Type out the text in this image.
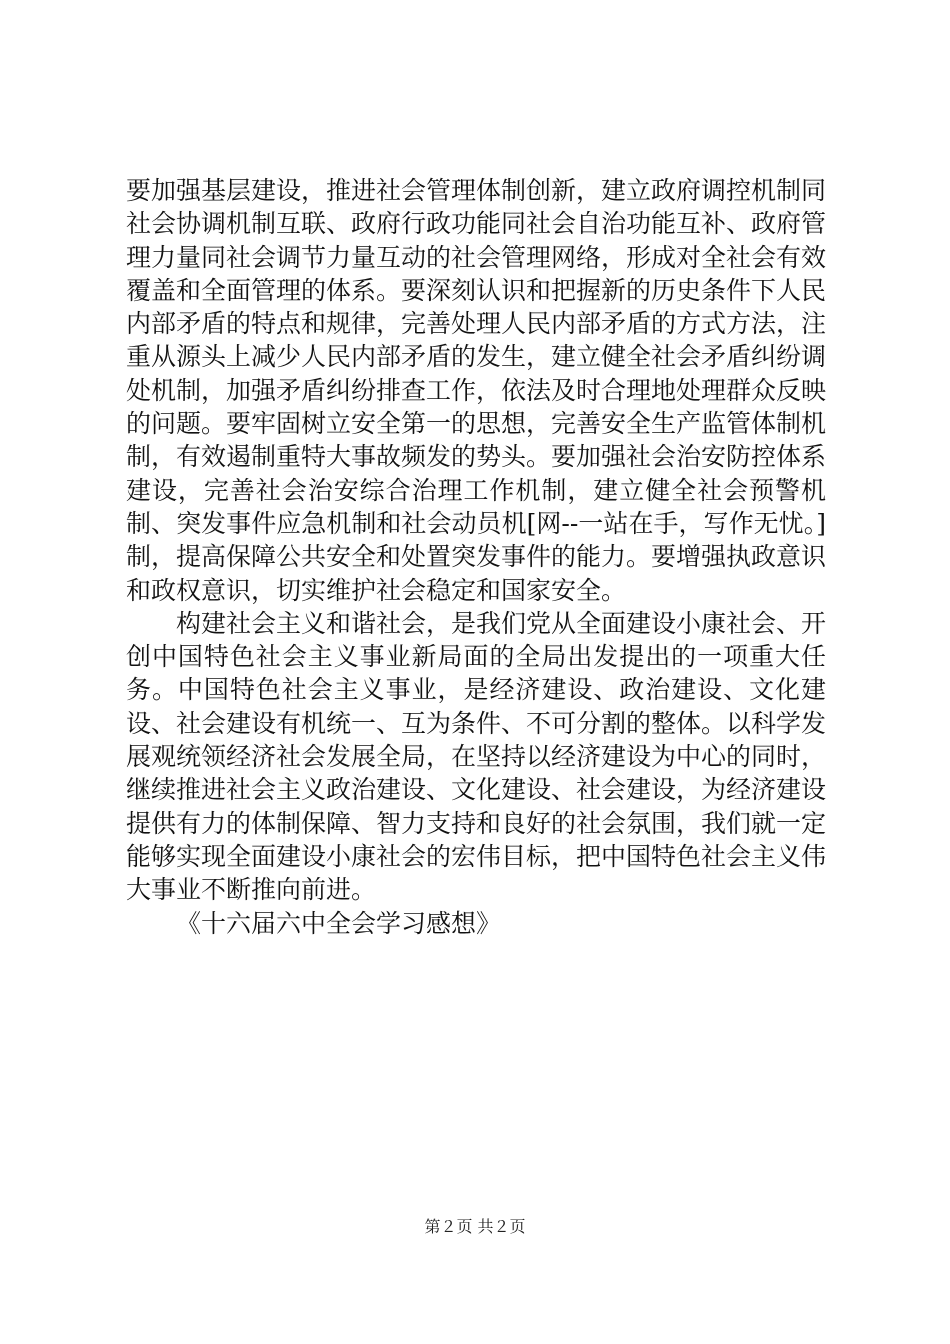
要加强基层建设，推进社会管理体制创新，建立政府调控机制同社会协调机制互联、政府行政功能同社会自治功能互补、政府管理力量同社会调节力量互动的社会管理网络，形成对全社会有效覆盖和全面管理的体系。要深刻认识和把握新的历史条件下人民内部矛盾的特点和规律，完善处理人民内部矛盾的方式方法，注重从源头上减少人民内部矛盾的发生，建立健全社会矛盾纠纷调处机制，加强矛盾纠纷排查工作，依法及时合理地处理群众反映的问题。要牢固树立安全第一的思想，完善安全生产监管体制机制，有效遏制重特大事故频发的势头。要加强社会治安防控体系建设，完善社会治安综合治理工作机制，建立健全社会预警机制、突发事件应急机制和社会动员机[网--一站在手，写作无忧。]制，提高保障公共安全和处置突发事件的能力。要增强执政意识和政权意识，切实维护社会稳定和国家安全。

构建社会主义和谐社会，是我们党从全面建设小康社会、开创中国特色社会主义事业新局面的全局出发提出的一项重大任务。中国特色社会主义事业，是经济建设、政治建设、文化建设、社会建设有机统一、互为条件、不可分割的整体。以科学发展观统领经济社会发展全局，在坚持以经济建设为中心的同时，继续推进社会主义政治建设、文化建设、社会建设，为经济建设提供有力的体制保障、智力支持和良好的社会氛围，我们就一定能够实现全面建设小康社会的宏伟目标，把中国特色社会主义伟大事业不断推向前进。

《十六届六中全会学习感想》

第２页 共２页
